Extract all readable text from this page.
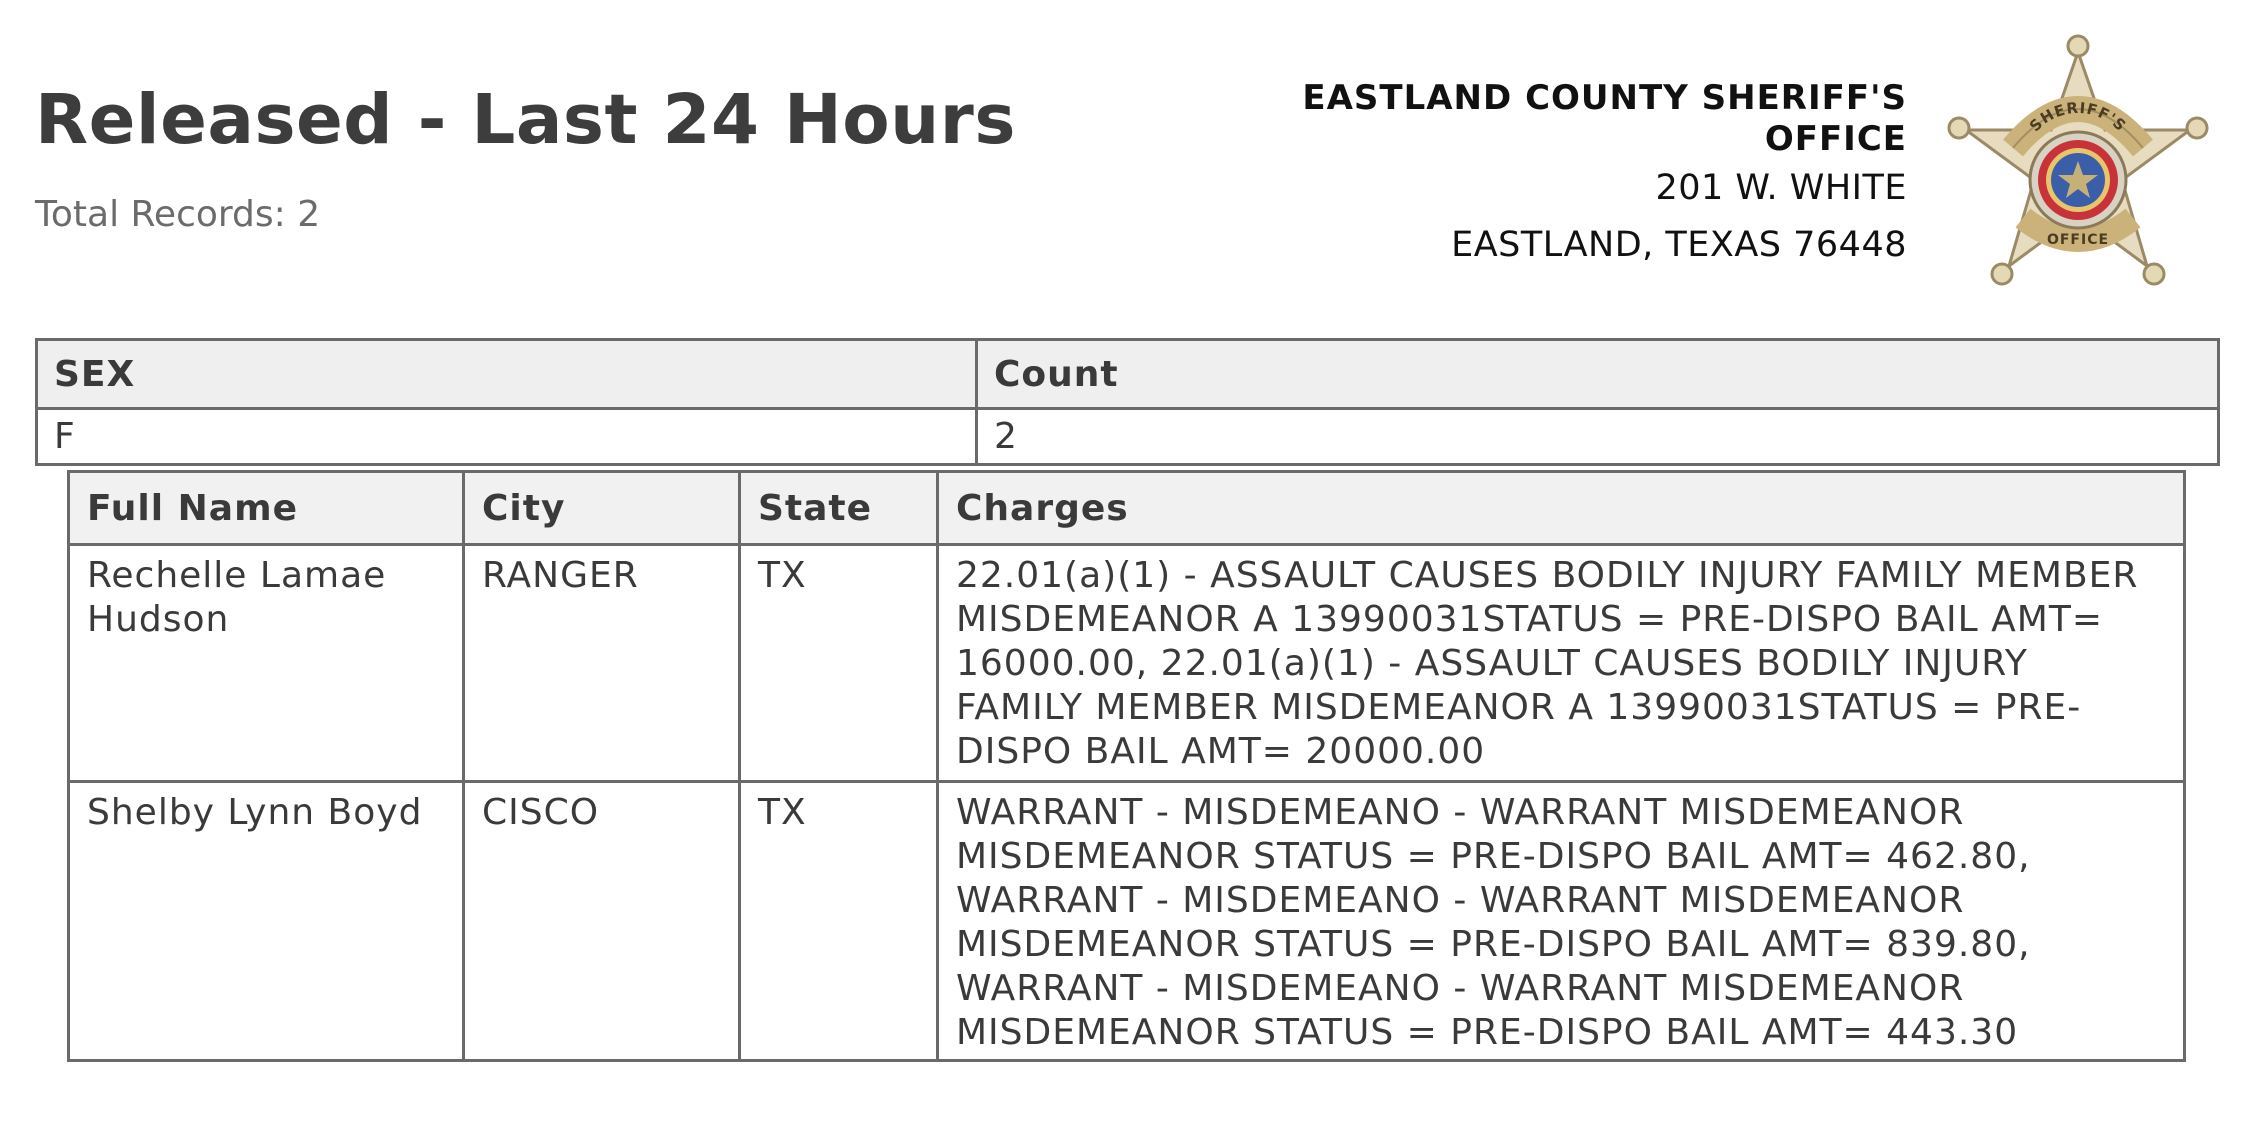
Released - Last 24 Hours
Total Records: 2
EASTLAND COUNTY SHERIFF'S
OFFICE
201 W. WHITE
EASTLAND, TEXAS 76448
SHERIFF'S
OFFICE
SEX	Count
F	2
Full Name	City	State	Charges
Rechelle Lamae Hudson	RANGER	TX	22.01(a)(1) - ASSAULT CAUSES BODILY INJURY FAMILY MEMBER MISDEMEANOR A 13990031STATUS = PRE-DISPO BAIL AMT= 16000.00, 22.01(a)(1) - ASSAULT CAUSES BODILY INJURY FAMILY MEMBER MISDEMEANOR A 13990031STATUS = PRE-DISPO BAIL AMT= 20000.00
Shelby Lynn Boyd	CISCO	TX	WARRANT - MISDEMEANO - WARRANT MISDEMEANOR MISDEMEANOR STATUS = PRE-DISPO BAIL AMT= 462.80, WARRANT - MISDEMEANO - WARRANT MISDEMEANOR MISDEMEANOR STATUS = PRE-DISPO BAIL AMT= 839.80, WARRANT - MISDEMEANO - WARRANT MISDEMEANOR MISDEMEANOR STATUS = PRE-DISPO BAIL AMT= 443.30
